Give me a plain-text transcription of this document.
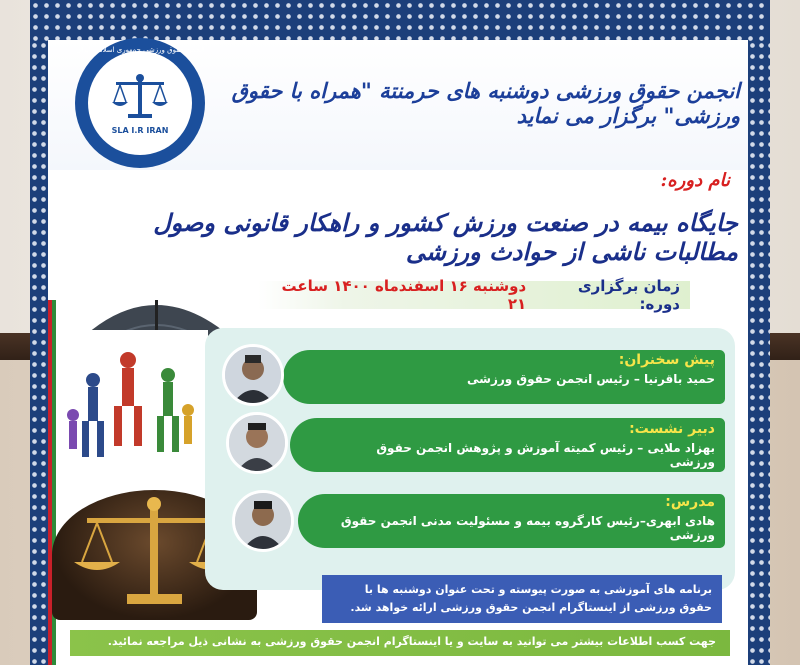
انجمن حقوق ورزشی جمهوری اسلامی ایران
SLA I.R IRAN
انجمن حقوق ورزشی دوشنبه های حرمنتة "همراه با حقوق ورزشی" برگزار می نماید
نام دوره:
جایگاه بیمه در صنعت ورزش کشور و راهکار قانونی وصول مطالبات ناشی از حوادث ورزشی
زمان برگزاری دوره:
دوشنبه ۱۶ اسفندماه ۱۴۰۰ ساعت ۲۱
پیش سخنران:
حمید باقرنیا – رئیس انجمن حقوق ورزشی
دبیر نشست:
بهزاد ملایی – رئیس کمیته آموزش و پژوهش انجمن حقوق ورزشی
مدرس:
هادی ابهری–رئیس کارگروه بیمه و مسئولیت مدنی انجمن حقوق ورزشی
برنامه های آموزشی به صورت پیوسته و تحت عنوان دوشنبه ها با
حقوق ورزشی از اینستاگرام انجمن حقوق ورزشی ارائه خواهد شد.
جهت کسب اطلاعات بیشتر می توانید به سایت و یا اینستاگرام انجمن حقوق ورزشی به نشانی ذیل مراجعه نمائید.
